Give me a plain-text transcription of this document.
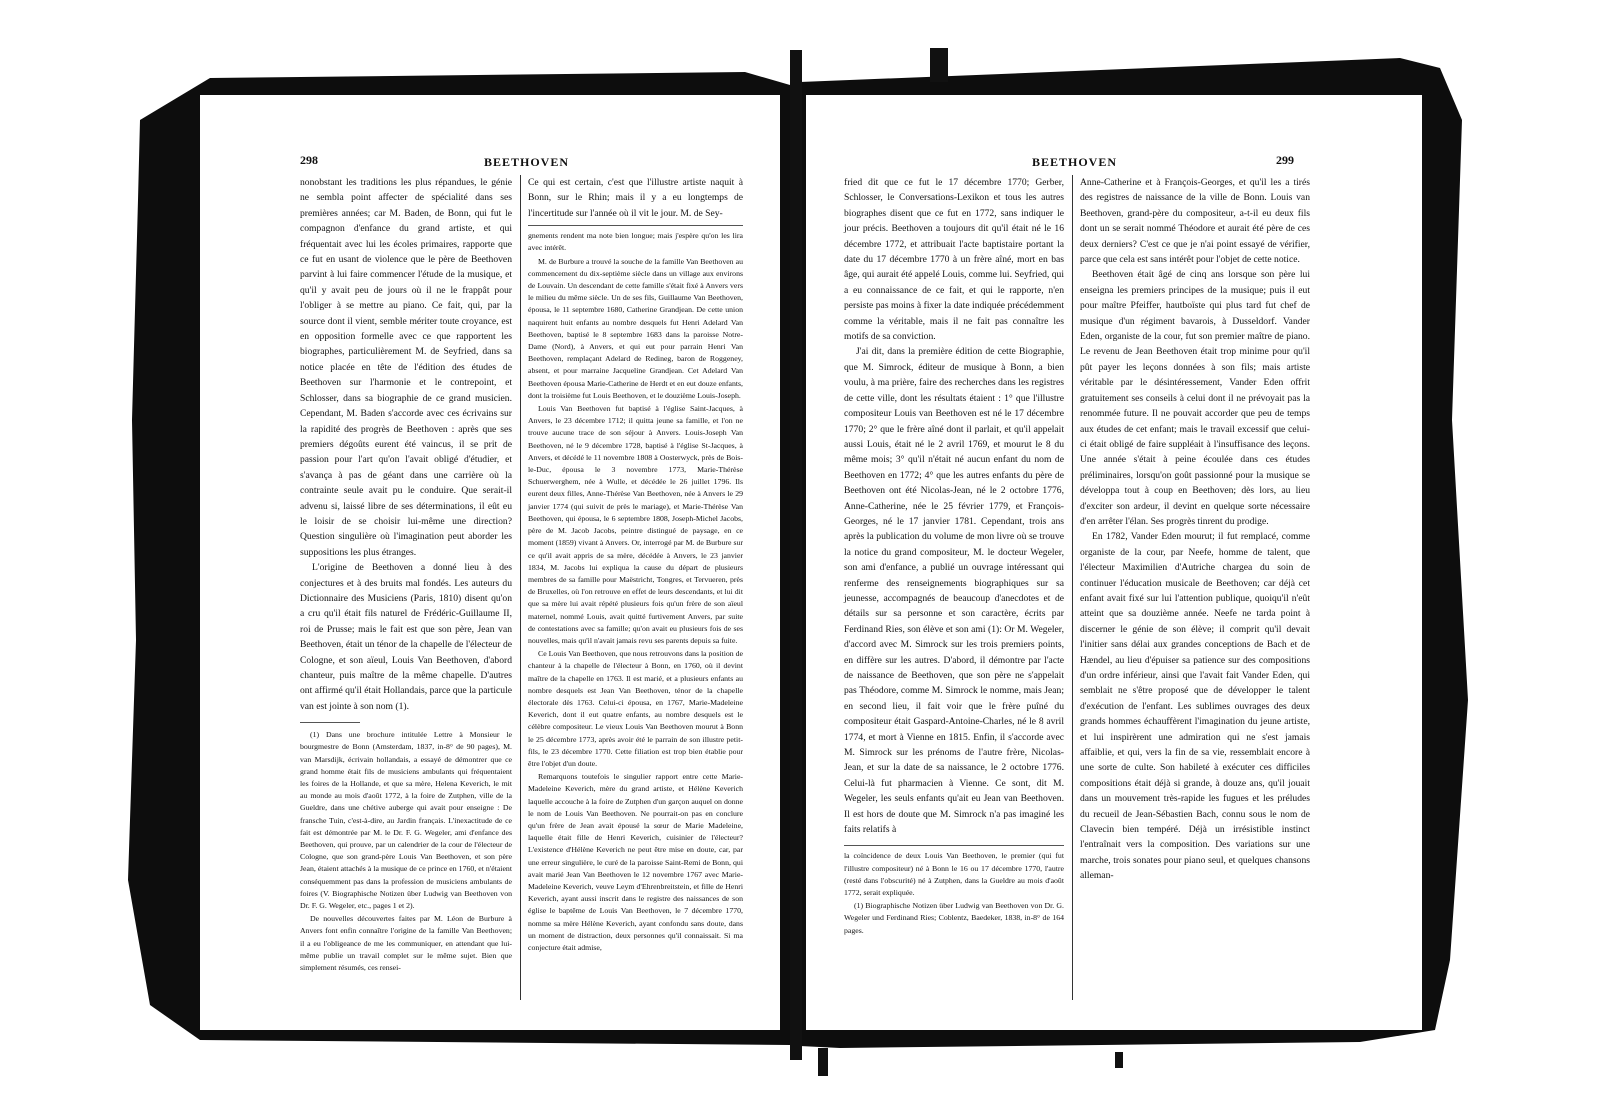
298	BEETHOVEN

nonobstant les traditions les plus répandues, le génie ne sembla point affecter de spécialité dans ses premières années; car M. Baden, de Bonn, qui fut le compagnon d'enfance du grand artiste, et qui fréquentait avec lui les écoles primaires, rapporte que ce fut en usant de violence que le père de Beethoven parvint à lui faire commencer l'étude de la musique, et qu'il y avait peu de jours où il ne le frappât pour l'obliger à se mettre au piano. Ce fait, qui, par la source dont il vient, semble mériter toute croyance, est en opposition formelle avec ce que rapportent les biographes, particulièrement M. de Seyfried, dans sa notice placée en tête de l'édition des études de Beethoven sur l'harmonie et le contrepoint, et Schlosser, dans sa biographie de ce grand musicien. Cependant, M. Baden s'accorde avec ces écrivains sur la rapidité des progrès de Beethoven : après que ses premiers dégoûts eurent été vaincus, il se prit de passion pour l'art qu'on l'avait obligé d'étudier, et s'avança à pas de géant dans une carrière où la contrainte seule avait pu le conduire. Que serait-il advenu si, laissé libre de ses déterminations, il eût eu le loisir de se choisir lui-même une direction? Question singulière où l'imagination peut aborder les suppositions les plus étranges.

L'origine de Beethoven a donné lieu à des conjectures et à des bruits mal fondés. Les auteurs du Dictionnaire des Musiciens (Paris, 1810) disent qu'on a cru qu'il était fils naturel de Frédéric-Guillaume II, roi de Prusse; mais le fait est que son père, Jean van Beethoven, était un ténor de la chapelle de l'électeur de Cologne, et son aïeul, Louis Van Beethoven, d'abord chanteur, puis maître de la même chapelle. D'autres ont affirmé qu'il était Hollandais, parce que la particule van est jointe à son nom (1).

(1) Dans une brochure intitulée Lettre à Monsieur le bourgmestre de Bonn (Amsterdam, 1837, in-8° de 90 pages), M. van Marsdijk, écrivain hollandais, a essayé de démontrer que ce grand homme était fils de musiciens ambulants qui fréquentaient les foires de la Hollande, et que sa mère, Helena Keverich, le mit au monde au mois d'août 1772, à la foire de Zutphen, ville de la Gueldre, dans une chétive auberge qui avait pour enseigne : De fransche Tuin, c'est-à-dire, au Jardin français. L'inexactitude de ce fait est démontrée par M. le Dr. F. G. Wegeler, ami d'enfance des Beethoven, qui prouve, par un calendrier de la cour de l'électeur de Cologne, que son grand-père Louis Van Beethoven, et son père Jean, étaient attachés à la musique de ce prince en 1760, et n'étaient conséquemment pas dans la profession de musiciens ambulants de foires (V. Biographische Notizen über Ludwig van Beethoven von Dr. F. G. Wegeler, etc., pages 1 et 2).

De nouvelles découvertes faites par M. Léon de Burbure à Anvers font enfin connaître l'origine de la famille Van Beethoven; il a eu l'obligeance de me les communiquer, en attendant que lui-même publie un travail complet sur le même sujet. Bien que simplement résumés, ces rensei-

Ce qui est certain, c'est que l'illustre artiste naquit à Bonn, sur le Rhin; mais il y a eu longtemps de l'incertitude sur l'année où il vit le jour. M. de Sey-

gnements rendent ma note bien longue; mais j'espère qu'on les lira avec intérêt.

M. de Burbure a trouvé la souche de la famille Van Beethoven au commencement du dix-septième siècle dans un village aux environs de Louvain. Un descendant de cette famille s'était fixé à Anvers vers le milieu du même siècle. Un de ses fils, Guillaume Van Beethoven, épousa, le 11 septembre 1680, Catherine Grandjean. De cette union naquirent huit enfants au nombre desquels fut Henri Adelard Van Beethoven, baptisé le 8 septembre 1683 dans la paroisse Notre-Dame (Nord), à Anvers, et qui eut pour parrain Henri Van Beethoven, remplaçant Adelard de Redineg, baron de Roggeney, absent, et pour marraine Jacqueline Grandjean. Cet Adelard Van Beethoven épousa Marie-Catherine de Herdt et en eut douze enfants, dont la troisième fut Louis Beethoven, et le douzième Louis-Joseph.

Louis Van Beethoven fut baptisé à l'église Saint-Jacques, à Anvers, le 23 décembre 1712; il quitta jeune sa famille, et l'on ne trouve aucune trace de son séjour à Anvers. Louis-Joseph Van Beethoven, né le 9 décembre 1728, baptisé à l'église St-Jacques, à Anvers, et décédé le 11 novembre 1808 à Oosterwyck, près de Bois-le-Duc, épousa le 3 novembre 1773, Marie-Thérèse Schuerwerghem, née à Wulle, et décédée le 26 juillet 1796. Ils eurent deux filles, Anne-Thérèse Van Beethoven, née à Anvers le 29 janvier 1774 (qui suivit de près le mariage), et Marie-Thérèse Van Beethoven, qui épousa, le 6 septembre 1808, Joseph-Michel Jacobs, père de M. Jacob Jacobs, peintre distingué de paysage, en ce moment (1859) vivant à Anvers. Or, interrogé par M. de Burbure sur ce qu'il avait appris de sa mère, décédée à Anvers, le 23 janvier 1834, M. Jacobs lui expliqua la cause du départ de plusieurs membres de sa famille pour Maëstricht, Tongres, et Tervueren, près de Bruxelles, où l'on retrouve en effet de leurs descendants, et lui dit que sa mère lui avait répété plusieurs fois qu'un frère de son aïeul maternel, nommé Louis, avait quitté furtivement Anvers, par suite de contestations avec sa famille; qu'on avait eu plusieurs fois de ses nouvelles, mais qu'il n'avait jamais revu ses parents depuis sa fuite.

Ce Louis Van Beethoven, que nous retrouvons dans la position de chanteur à la chapelle de l'électeur à Bonn, en 1760, où il devint maître de la chapelle en 1763. Il est marié, et a plusieurs enfants au nombre desquels est Jean Van Beethoven, ténor de la chapelle électorale dès 1763. Celui-ci épousa, en 1767, Marie-Madeleine Keverich, dont il eut quatre enfants, au nombre desquels est le célèbre compositeur. Le vieux Louis Van Beethoven mourut à Bonn le 25 décembre 1773, après avoir été le parrain de son illustre petit-fils, le 23 décembre 1770. Cette filiation est trop bien établie pour être l'objet d'un doute.

Remarquons toutefois le singulier rapport entre cette Marie-Madeleine Keverich, mère du grand artiste, et Hélène Keverich laquelle accouche à la foire de Zutphen d'un garçon auquel on donne le nom de Louis Van Beethoven. Ne pourrait-on pas en conclure qu'un frère de Jean avait épousé la sœur de Marie Madeleine, laquelle était fille de Henri Keverich, cuisinier de l'électeur? L'existence d'Hélène Keverich ne peut être mise en doute, car, par une erreur singulière, le curé de la paroisse Saint-Remi de Bonn, qui avait marié Jean Van Beethoven le 12 novembre 1767 avec Marie-Madeleine Keverich, veuve Leym d'Ehrenbreitstein, et fille de Henri Keverich, ayant aussi inscrit dans le registre des naissances de son église le baptême de Louis Van Beethoven, le 7 décembre 1770, nomme sa mère Hélène Keverich, ayant confondu sans doute, dans un moment de distraction, deux personnes qu'il connaissait. Si ma conjecture était admise,

BEETHOVEN	299

fried dit que ce fut le 17 décembre 1770; Gerber, Schlosser, le Conversations-Lexikon et tous les autres biographes disent que ce fut en 1772, sans indiquer le jour précis. Beethoven a toujours dit qu'il était né le 16 décembre 1772, et attribuait l'acte baptistaire portant la date du 17 décembre 1770 à un frère aîné, mort en bas âge, qui aurait été appelé Louis, comme lui. Seyfried, qui a eu connaissance de ce fait, et qui le rapporte, n'en persiste pas moins à fixer la date indiquée précédemment comme la véritable, mais il ne fait pas connaître les motifs de sa conviction.

J'ai dit, dans la première édition de cette Biographie, que M. Simrock, éditeur de musique à Bonn, a bien voulu, à ma prière, faire des recherches dans les registres de cette ville, dont les résultats étaient : 1° que l'illustre compositeur Louis van Beethoven est né le 17 décembre 1770; 2° que le frère aîné dont il parlait, et qu'il appelait aussi Louis, était né le 2 avril 1769, et mourut le 8 du même mois; 3° qu'il n'était né aucun enfant du nom de Beethoven en 1772; 4° que les autres enfants du père de Beethoven ont été Nicolas-Jean, né le 2 octobre 1776, Anne-Catherine, née le 25 février 1779, et François-Georges, né le 17 janvier 1781. Cependant, trois ans après la publication du volume de mon livre où se trouve la notice du grand compositeur, M. le docteur Wegeler, son ami d'enfance, a publié un ouvrage intéressant qui renferme des renseignements biographiques sur sa jeunesse, accompagnés de beaucoup d'anecdotes et de détails sur sa personne et son caractère, écrits par Ferdinand Ries, son élève et son ami (1): Or M. Wegeler, d'accord avec M. Simrock sur les trois premiers points, en diffère sur les autres. D'abord, il démontre par l'acte de naissance de Beethoven, que son père ne s'appelait pas Théodore, comme M. Simrock le nomme, mais Jean; en second lieu, il fait voir que le frère puîné du compositeur était Gaspard-Antoine-Charles, né le 8 avril 1774, et mort à Vienne en 1815. Enfin, il s'accorde avec M. Simrock sur les prénoms de l'autre frère, Nicolas-Jean, et sur la date de sa naissance, le 2 octobre 1776. Celui-là fut pharmacien à Vienne. Ce sont, dit M. Wegeler, les seuls enfants qu'ait eu Jean van Beethoven. Il est hors de doute que M. Simrock n'a pas imaginé les faits relatifs à

la coïncidence de deux Louis Van Beethoven, le premier (qui fut l'illustre compositeur) né à Bonn le 16 ou 17 décembre 1770, l'autre (resté dans l'obscurité) né à Zutphen, dans la Gueldre au mois d'août 1772, serait expliquée.

(1) Biographische Notizen über Ludwig van Beethoven von Dr. G. Wegeler und Ferdinand Ries; Coblentz, Baedeker, 1838, in-8° de 164 pages.

Anne-Catherine et à François-Georges, et qu'il les a tirés des registres de naissance de la ville de Bonn. Louis van Beethoven, grand-père du compositeur, a-t-il eu deux fils dont un se serait nommé Théodore et aurait été père de ces deux derniers? C'est ce que je n'ai point essayé de vérifier, parce que cela est sans intérêt pour l'objet de cette notice.

Beethoven était âgé de cinq ans lorsque son père lui enseigna les premiers principes de la musique; puis il eut pour maître Pfeiffer, hautboïste qui plus tard fut chef de musique d'un régiment bavarois, à Dusseldorf. Vander Eden, organiste de la cour, fut son premier maître de piano. Le revenu de Jean Beethoven était trop minime pour qu'il pût payer les leçons données à son fils; mais artiste véritable par le désintéressement, Vander Eden offrit gratuitement ses conseils à celui dont il ne prévoyait pas la renommée future. Il ne pouvait accorder que peu de temps aux études de cet enfant; mais le travail excessif que celui-ci était obligé de faire suppléait à l'insuffisance des leçons. Une année s'était à peine écoulée dans ces études préliminaires, lorsqu'on goût passionné pour la musique se développa tout à coup en Beethoven; dès lors, au lieu d'exciter son ardeur, il devint en quelque sorte nécessaire d'en arrêter l'élan. Ses progrès tinrent du prodige.

En 1782, Vander Eden mourut; il fut remplacé, comme organiste de la cour, par Neefe, homme de talent, que l'électeur Maximilien d'Autriche chargea du soin de continuer l'éducation musicale de Beethoven; car déjà cet enfant avait fixé sur lui l'attention publique, quoiqu'il n'eût atteint que sa douzième année. Neefe ne tarda point à discerner le génie de son élève; il comprit qu'il devait l'initier sans délai aux grandes conceptions de Bach et de Hændel, au lieu d'épuiser sa patience sur des compositions d'un ordre inférieur, ainsi que l'avait fait Vander Eden, qui semblait ne s'être proposé que de développer le talent d'exécution de l'enfant. Les sublimes ouvrages des deux grands hommes échauffèrent l'imagination du jeune artiste, et lui inspirèrent une admiration qui ne s'est jamais affaiblie, et qui, vers la fin de sa vie, ressemblait encore à une sorte de culte. Son habileté à exécuter ces difficiles compositions était déjà si grande, à douze ans, qu'il jouait dans un mouvement très-rapide les fugues et les préludes du recueil de Jean-Sébastien Bach, connu sous le nom de Clavecin bien tempéré. Déjà un irrésistible instinct l'entraînait vers la composition. Des variations sur une marche, trois sonates pour piano seul, et quelques chansons alleman-
